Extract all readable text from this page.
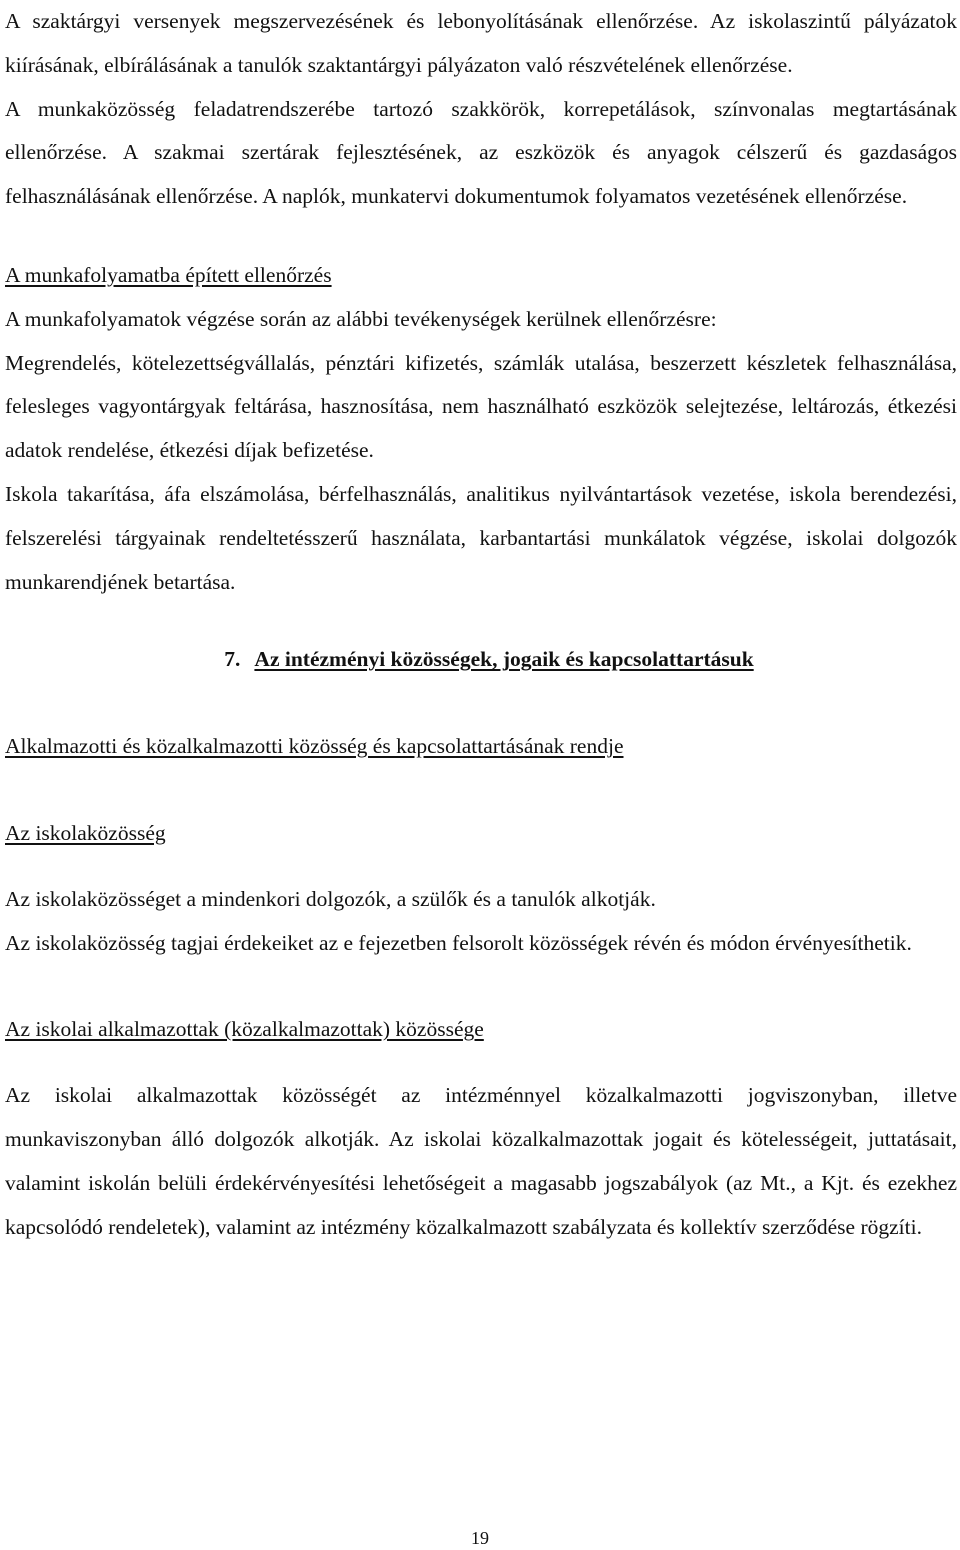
A szaktárgyi versenyek megszervezésének és lebonyolításának ellenőrzése. Az iskolaszintű pályázatok kiírásának, elbírálásának a tanulók szaktantárgyi pályázaton való részvételének ellenőrzése.

A munkaközösség feladatrendszerébe tartozó szakkörök, korrepetálások, színvonalas megtartásának ellenőrzése. A szakmai szertárak fejlesztésének, az eszközök és anyagok célszerű és gazdaságos felhasználásának ellenőrzése. A naplók, munkatervi dokumentumok folyamatos vezetésének ellenőrzése.

A munkafolyamatba épített ellenőrzés

A munkafolyamatok végzése során az alábbi tevékenységek kerülnek ellenőrzésre:

Megrendelés, kötelezettségvállalás, pénztári kifizetés, számlák utalása, beszerzett készletek felhasználása, felesleges vagyontárgyak feltárása, hasznosítása, nem használható eszközök selejtezése, leltározás, étkezési adatok rendelése, étkezési díjak befizetése.

Iskola takarítása, áfa elszámolása, bérfelhasználás, analitikus nyilvántartások vezetése, iskola berendezési, felszerelési tárgyainak rendeltetésszerű használata, karbantartási munkálatok végzése, iskolai dolgozók munkarendjének betartása.

7. Az intézményi közösségek, jogaik és kapcsolattartásuk

Alkalmazotti és közalkalmazotti közösség és kapcsolattartásának rendje

Az iskolaközösség

Az iskolaközösséget a mindenkori dolgozók, a szülők és a tanulók alkotják.

Az iskolaközösség tagjai érdekeiket az e fejezetben felsorolt közösségek révén és módon érvényesíthetik.

Az iskolai alkalmazottak (közalkalmazottak) közössége

Az iskolai alkalmazottak közösségét az intézménnyel közalkalmazotti jogviszonyban, illetve munkaviszonyban álló dolgozók alkotják. Az iskolai közalkalmazottak jogait és kötelességeit, juttatásait, valamint iskolán belüli érdekérvényesítési lehetőségeit a magasabb jogszabályok (az Mt., a Kjt. és ezekhez kapcsolódó rendeletek), valamint az intézmény közalkalmazott szabályzata és kollektív szerződése rögzíti.

19
